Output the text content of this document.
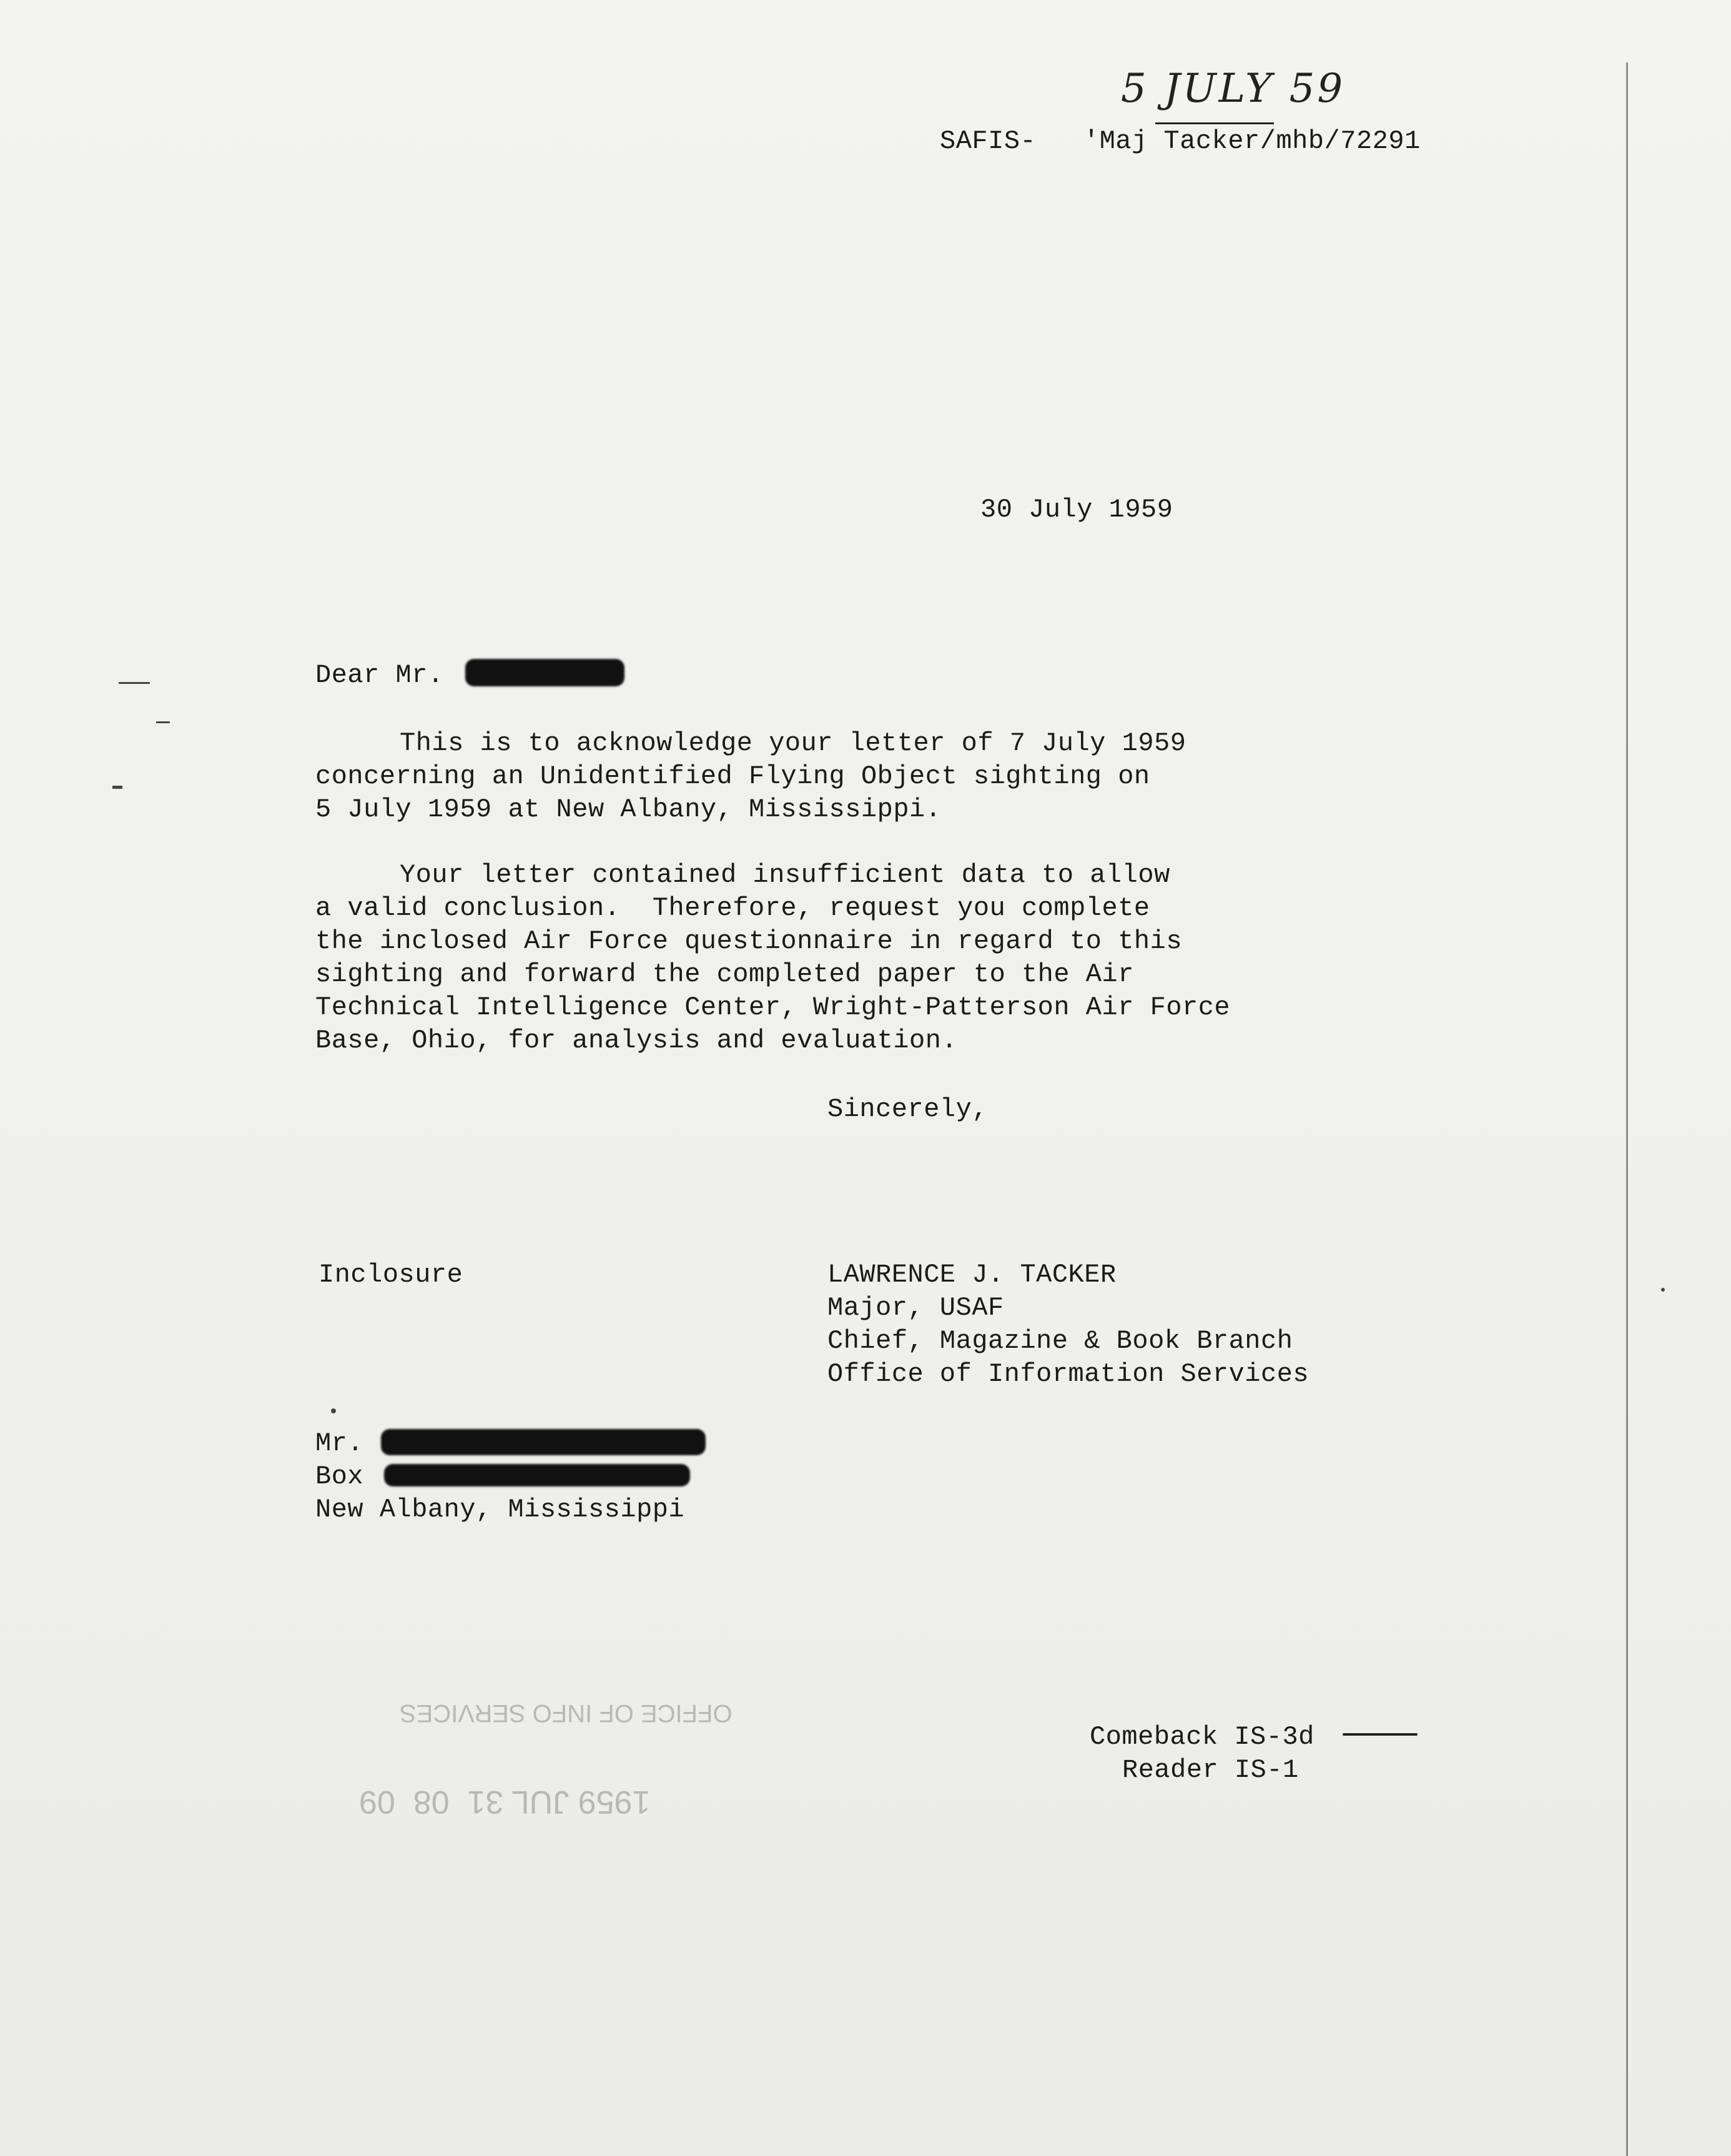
5 JULY 59
SAFIS- 'Maj Tacker/mhb/72291
30 July 1959
Dear Mr.
This is to acknowledge your letter of 7 July 1959
concerning an Unidentified Flying Object sighting on
5 July 1959 at New Albany, Mississippi.
Your letter contained insufficient data to allow
a valid conclusion.  Therefore, request you complete
the inclosed Air Force questionnaire in regard to this
sighting and forward the completed paper to the Air
Technical Intelligence Center, Wright-Patterson Air Force
Base, Ohio, for analysis and evaluation.
Sincerely,
Inclosure	LAWRENCE J. TACKER
Major, USAF
Chief, Magazine & Book Branch
Office of Information Services
Mr.
Box
New Albany, Mississippi
Comeback IS-3d
Reader IS-1
OFFICE OF INFO SERVICES
1959 JUL 31  08  09
